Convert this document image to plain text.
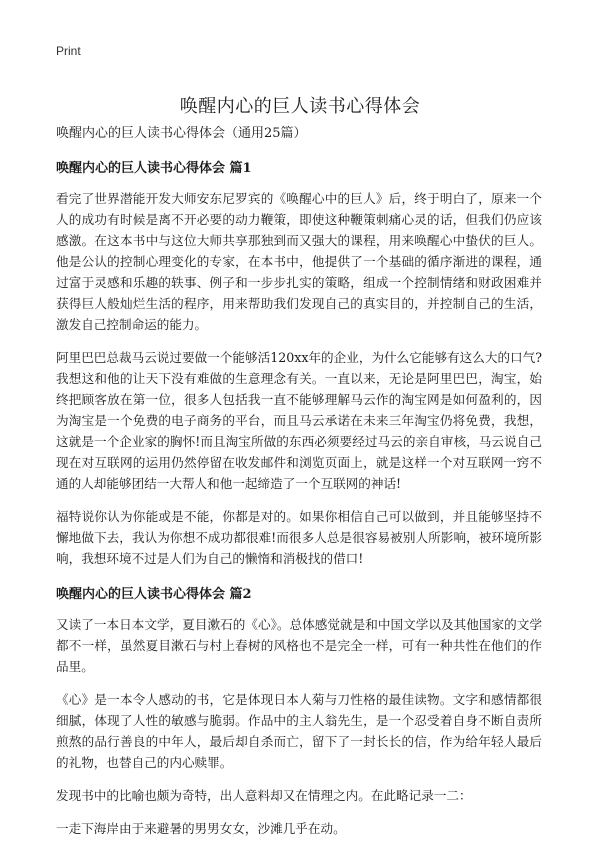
Print
唤醒内心的巨人读书心得体会
唤醒内心的巨人读书心得体会（通用25篇）
唤醒内心的巨人读书心得体会 篇1

看完了世界潜能开发大师安东尼罗宾的《唤醒心中的巨人》后，终于明白了，原来一个人的成功有时候是离不开必要的动力鞭策，即使这种鞭策刺痛心灵的话，但我们仍应该感激。在这本书中与这位大师共享那独到而又强大的课程，用来唤醒心中蛰伏的巨人。他是公认的控制心理变化的专家，在本书中，他提供了一个基础的循序渐进的课程，通过富于灵感和乐趣的轶事、例子和一步步扎实的策略，组成一个控制情绪和财政困难并获得巨人般灿烂生活的程序，用来帮助我们发现自己的真实目的，并控制自己的生活，激发自己控制命运的能力。

阿里巴巴总裁马云说过要做一个能够活120xx年的企业，为什么它能够有这么大的口气?我想这和他的让天下没有难做的生意理念有关。一直以来，无论是阿里巴巴，淘宝，始终把顾客放在第一位，很多人包括我一直不能够理解马云作的淘宝网是如何盈利的，因为淘宝是一个免费的电子商务的平台，而且马云承诺在未来三年淘宝仍将免费，我想，这就是一个企业家的胸怀!而且淘宝所做的东西必须要经过马云的亲自审核，马云说自己现在对互联网的运用仍然停留在收发邮件和浏览页面上，就是这样一个对互联网一窍不通的人却能够团结一大帮人和他一起缔造了一个互联网的神话!

福特说你认为你能或是不能，你都是对的。如果你相信自己可以做到，并且能够坚持不懈地做下去，我认为你想不成功都很难!而很多人总是很容易被别人所影响，被环境所影响，我想环境不过是人们为自己的懒惰和消极找的借口!

唤醒内心的巨人读书心得体会 篇2

又读了一本日本文学，夏目漱石的《心》。总体感觉就是和中国文学以及其他国家的文学都不一样，虽然夏目漱石与村上春树的风格也不是完全一样，可有一种共性在他们的作品里。

《心》是一本令人感动的书，它是体现日本人菊与刀性格的最佳读物。文字和感情都很细腻，体现了人性的敏感与脆弱。作品中的主人翁先生，是一个忍受着自身不断自责所煎熬的品行善良的中年人，最后却自杀而亡，留下了一封长长的信，作为给年轻人最后的礼物，也替自己的内心赎罪。

发现书中的比喻也颇为奇特，出人意料却又在情理之内。在此略记录一二：

一走下海岸由于来避暑的男男女女，沙滩几乎在动。
